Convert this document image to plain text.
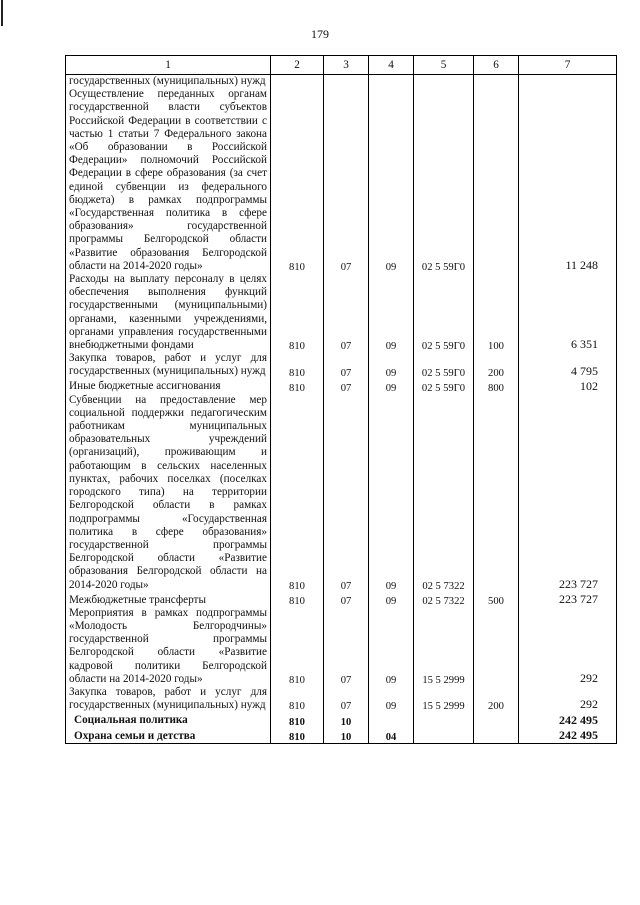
179
1	2	3	4	5	6	7
государственных (муниципальных) нужд						
Осуществление переданных органам государственной власти субъектов Российской Федерации в соответствии с частью 1 статьи 7 Федерального закона «Об образовании в Российской Федерации» полномочий Российской Федерации в сфере образования (за счет единой субвенции из федерального бюджета) в рамках подпрограммы «Государственная политика в сфере образования» государственной программы Белгородской области «Развитие образования Белгородской области на 2014-2020 годы»	810	07	09	02 5 59Г0		11 248
Расходы на выплату персоналу в целях обеспечения выполнения функций государственными (муниципальными) органами, казенными учреждениями, органами управления государственными внебюджетными фондами	810	07	09	02 5 59Г0	100	6 351
Закупка товаров, работ и услуг для государственных (муниципальных) нужд	810	07	09	02 5 59Г0	200	4 795
Иные бюджетные ассигнования	810	07	09	02 5 59Г0	800	102
Субвенции на предоставление мер социальной поддержки педагогическим работникам муниципальных образовательных учреждений (организаций), проживающим и работающим в сельских населенных пунктах, рабочих поселках (поселках городского типа) на территории Белгородской области в рамках подпрограммы «Государственная политика в сфере образования» государственной программы Белгородской области «Развитие образования Белгородской области на 2014-2020 годы»	810	07	09	02 5 7322		223 727
Межбюджетные трансферты	810	07	09	02 5 7322	500	223 727
Мероприятия в рамках подпрограммы «Молодость Белгородчины» государственной программы Белгородской области «Развитие кадровой политики Белгородской области на 2014-2020 годы»	810	07	09	15 5 2999		292
Закупка товаров, работ и услуг для государственных (муниципальных) нужд	810	07	09	15 5 2999	200	292
Социальная политика	810	10				242 495
Охрана семьи и детства	810	10	04			242 495
